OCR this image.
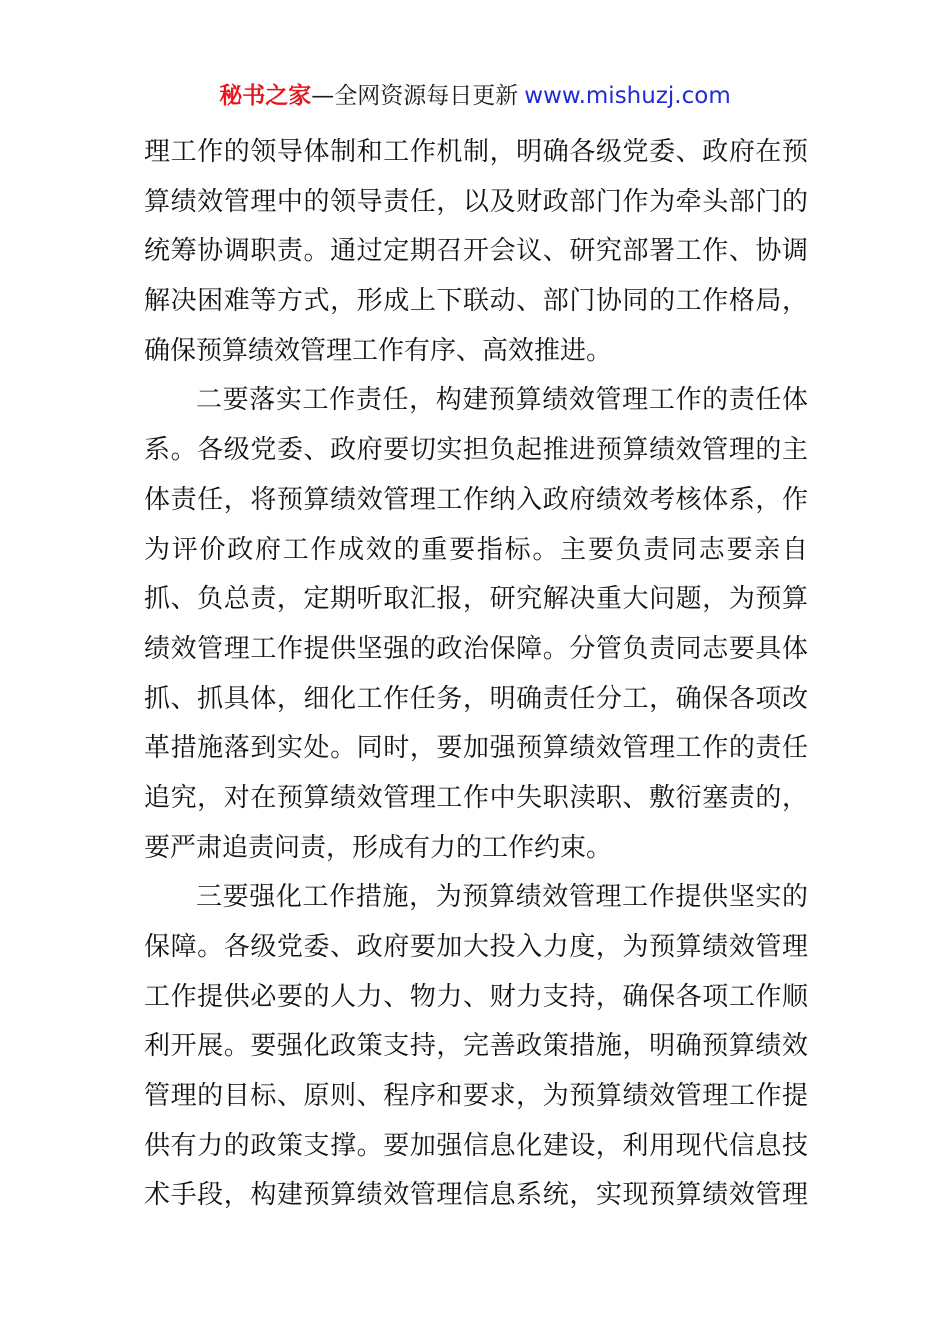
秘书之家—全网资源每日更新 www.mishuzj.com
理工作的领导体制和工作机制，明确各级党委、政府在预
算绩效管理中的领导责任，以及财政部门作为牵头部门的
统筹协调职责。通过定期召开会议、研究部署工作、协调
解决困难等方式，形成上下联动、部门协同的工作格局，
确保预算绩效管理工作有序、高效推进。
二要落实工作责任，构建预算绩效管理工作的责任体
系。各级党委、政府要切实担负起推进预算绩效管理的主
体责任，将预算绩效管理工作纳入政府绩效考核体系，作
为评价政府工作成效的重要指标。主要负责同志要亲自
抓、负总责，定期听取汇报，研究解决重大问题，为预算
绩效管理工作提供坚强的政治保障。分管负责同志要具体
抓、抓具体，细化工作任务，明确责任分工，确保各项改
革措施落到实处。同时，要加强预算绩效管理工作的责任
追究，对在预算绩效管理工作中失职渎职、敷衍塞责的，
要严肃追责问责，形成有力的工作约束。
三要强化工作措施，为预算绩效管理工作提供坚实的
保障。各级党委、政府要加大投入力度，为预算绩效管理
工作提供必要的人力、物力、财力支持，确保各项工作顺
利开展。要强化政策支持，完善政策措施，明确预算绩效
管理的目标、原则、程序和要求，为预算绩效管理工作提
供有力的政策支撑。要加强信息化建设，利用现代信息技
术手段，构建预算绩效管理信息系统，实现预算绩效管理
